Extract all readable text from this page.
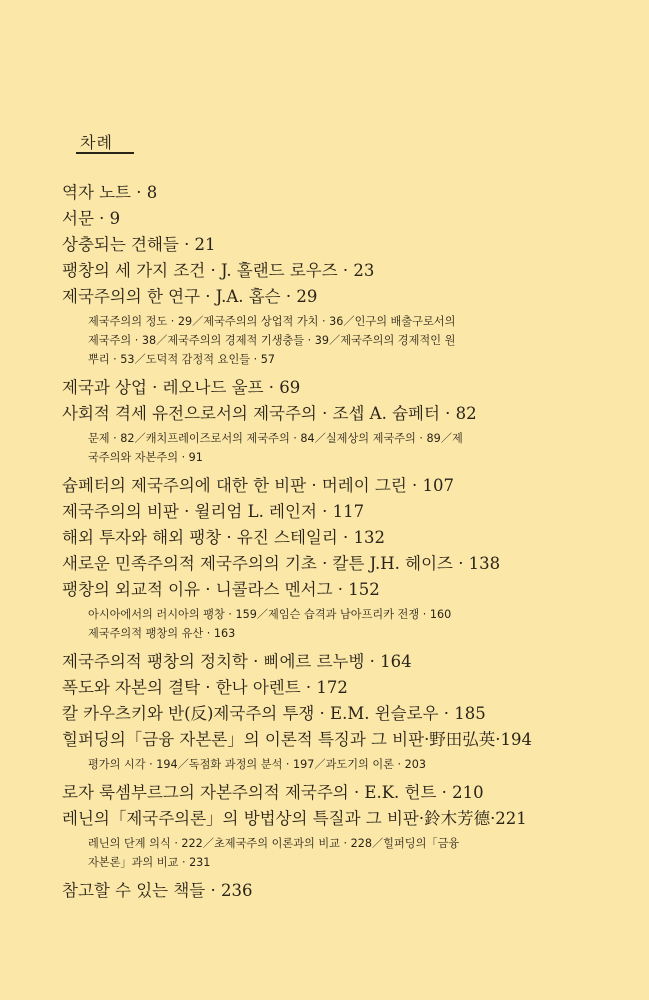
차례
역자 노트 · 8
서문 · 9
상충되는 견해들 · 21
팽창의 세 가지 조건 · J. 홀랜드 로우즈 · 23
제국주의의 한 연구 · J.A. 홉슨 · 29
제국주의의 정도 · 29／제국주의의 상업적 가치 · 36／인구의 배출구로서의
제국주의 · 38／제국주의의 경제적 기생충들 · 39／제국주의의 경제적인 원
뿌리 · 53／도덕적 감정적 요인들 · 57
제국과 상업 · 레오나드 울프 · 69
사회적 격세 유전으로서의 제국주의 · 조셉 A. 슘페터 · 82
문제 · 82／캐치프레이즈로서의 제국주의 · 84／실제상의 제국주의 · 89／제
국주의와 자본주의 · 91
슘페터의 제국주의에 대한 한 비판 · 머레이 그린 · 107
제국주의의 비판 · 윌리엄 L. 레인저 · 117
해외 투자와 해외 팽창 · 유진 스테일리 · 132
새로운 민족주의적 제국주의의 기초 · 칼튼 J.H. 헤이즈 · 138
팽창의 외교적 이유 · 니콜라스 멘서그 · 152
아시아에서의 러시아의 팽창 · 159／제임슨 습격과 남아프리카 전쟁 · 160
제국주의적 팽창의 유산 · 163
제국주의적 팽창의 정치학 · 삐에르 르누벵 · 164
폭도와 자본의 결탁 · 한나 아렌트 · 172
칼 카우츠키와 반(反)제국주의 투쟁 · E.M. 윈슬로우 · 185
힐퍼딩의「금융 자본론」의 이론적 특징과 그 비판·野田弘英·194
평가의 시각 · 194／독점화 과정의 분석 · 197／과도기의 이론 · 203
로자 룩셈부르그의 자본주의적 제국주의 · E.K. 헌트 · 210
레닌의「제국주의론」의 방법상의 특질과 그 비판·鈴木芳德·221
레닌의 단계 의식 · 222／초제국주의 이론과의 비교 · 228／힐퍼딩의「금융
자본론」과의 비교 · 231
참고할 수 있는 책들 · 236
